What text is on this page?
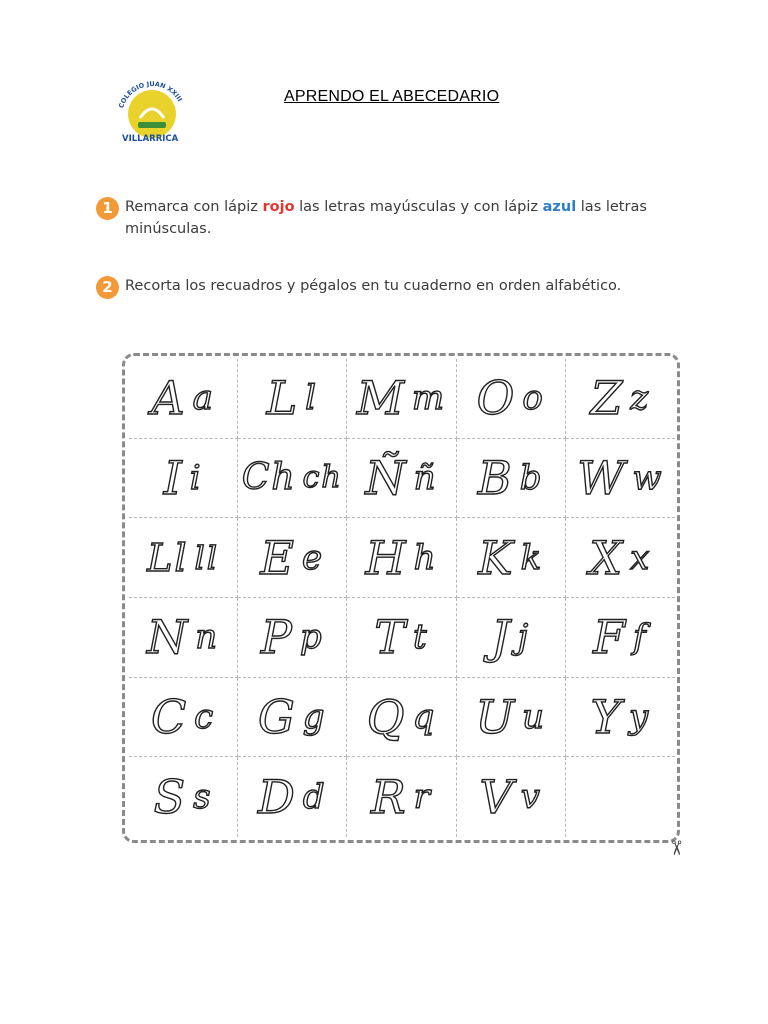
COLEGIO JUAN XXIII
VILLARRICA
APRENDO EL ABECEDARIO
1 Remarca con lápiz rojo las letras mayúsculas y con lápiz azul las letras minúsculas.
2 Recorta los recuadros y pégalos en tu cuaderno en orden alfabético.
A a L l M m O o Z z
I i Ch ch Ñ ñ B b W w
Ll ll E e H h K k X x
N n P p T t J j F f
C c G g Q q U u Y y
S s D d R r V v
✂
